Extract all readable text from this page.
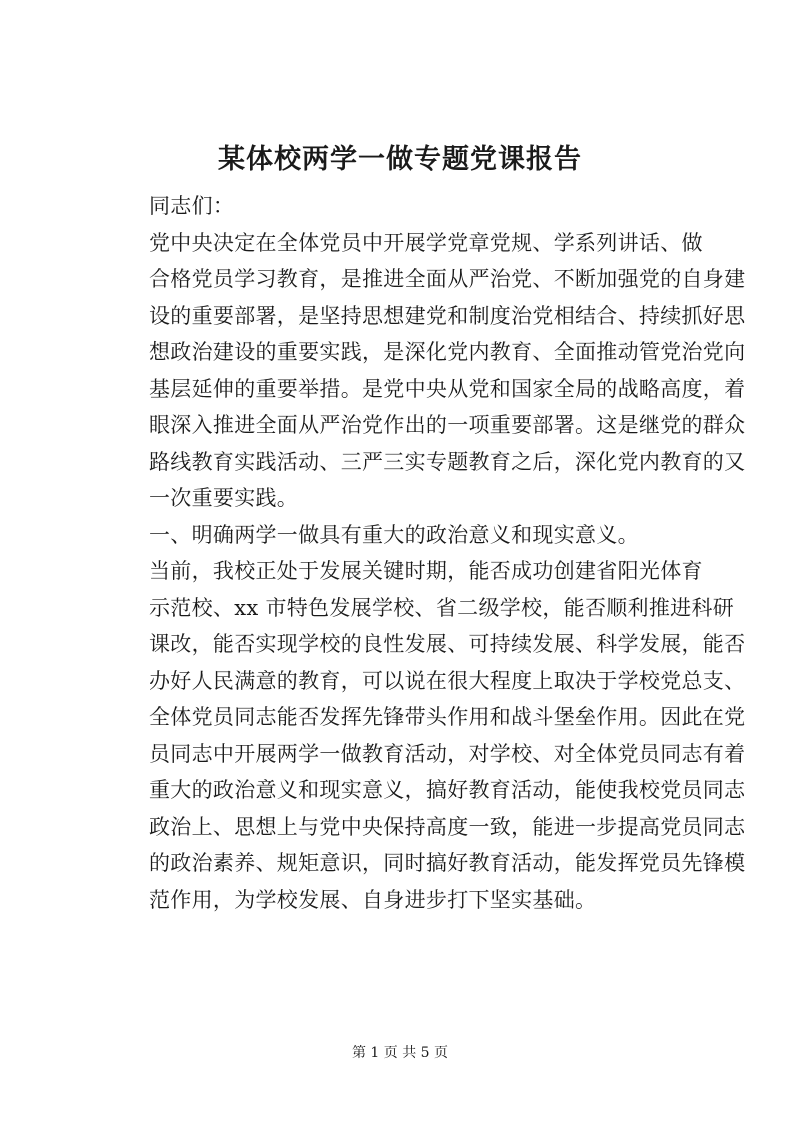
某体校两学一做专题党课报告

同志们：

党中央决定在全体党员中开展学党章党规、学系列讲话、做
合格党员学习教育，是推进全面从严治党、不断加强党的自身建
设的重要部署，是坚持思想建党和制度治党相结合、持续抓好思
想政治建设的重要实践，是深化党内教育、全面推动管党治党向
基层延伸的重要举措。是党中央从党和国家全局的战略高度，着
眼深入推进全面从严治党作出的一项重要部署。这是继党的群众
路线教育实践活动、三严三实专题教育之后，深化党内教育的又
一次重要实践。

一、明确两学一做具有重大的政治意义和现实意义。

当前，我校正处于发展关键时期，能否成功创建省阳光体育
示范校、xx 市特色发展学校、省二级学校，能否顺利推进科研
课改，能否实现学校的良性发展、可持续发展、科学发展，能否
办好人民满意的教育，可以说在很大程度上取决于学校党总支、
全体党员同志能否发挥先锋带头作用和战斗堡垒作用。因此在党
员同志中开展两学一做教育活动，对学校、对全体党员同志有着
重大的政治意义和现实意义，搞好教育活动，能使我校党员同志
政治上、思想上与党中央保持高度一致，能进一步提高党员同志
的政治素养、规矩意识，同时搞好教育活动，能发挥党员先锋模
范作用，为学校发展、自身进步打下坚实基础。

第 1 页 共 5 页
